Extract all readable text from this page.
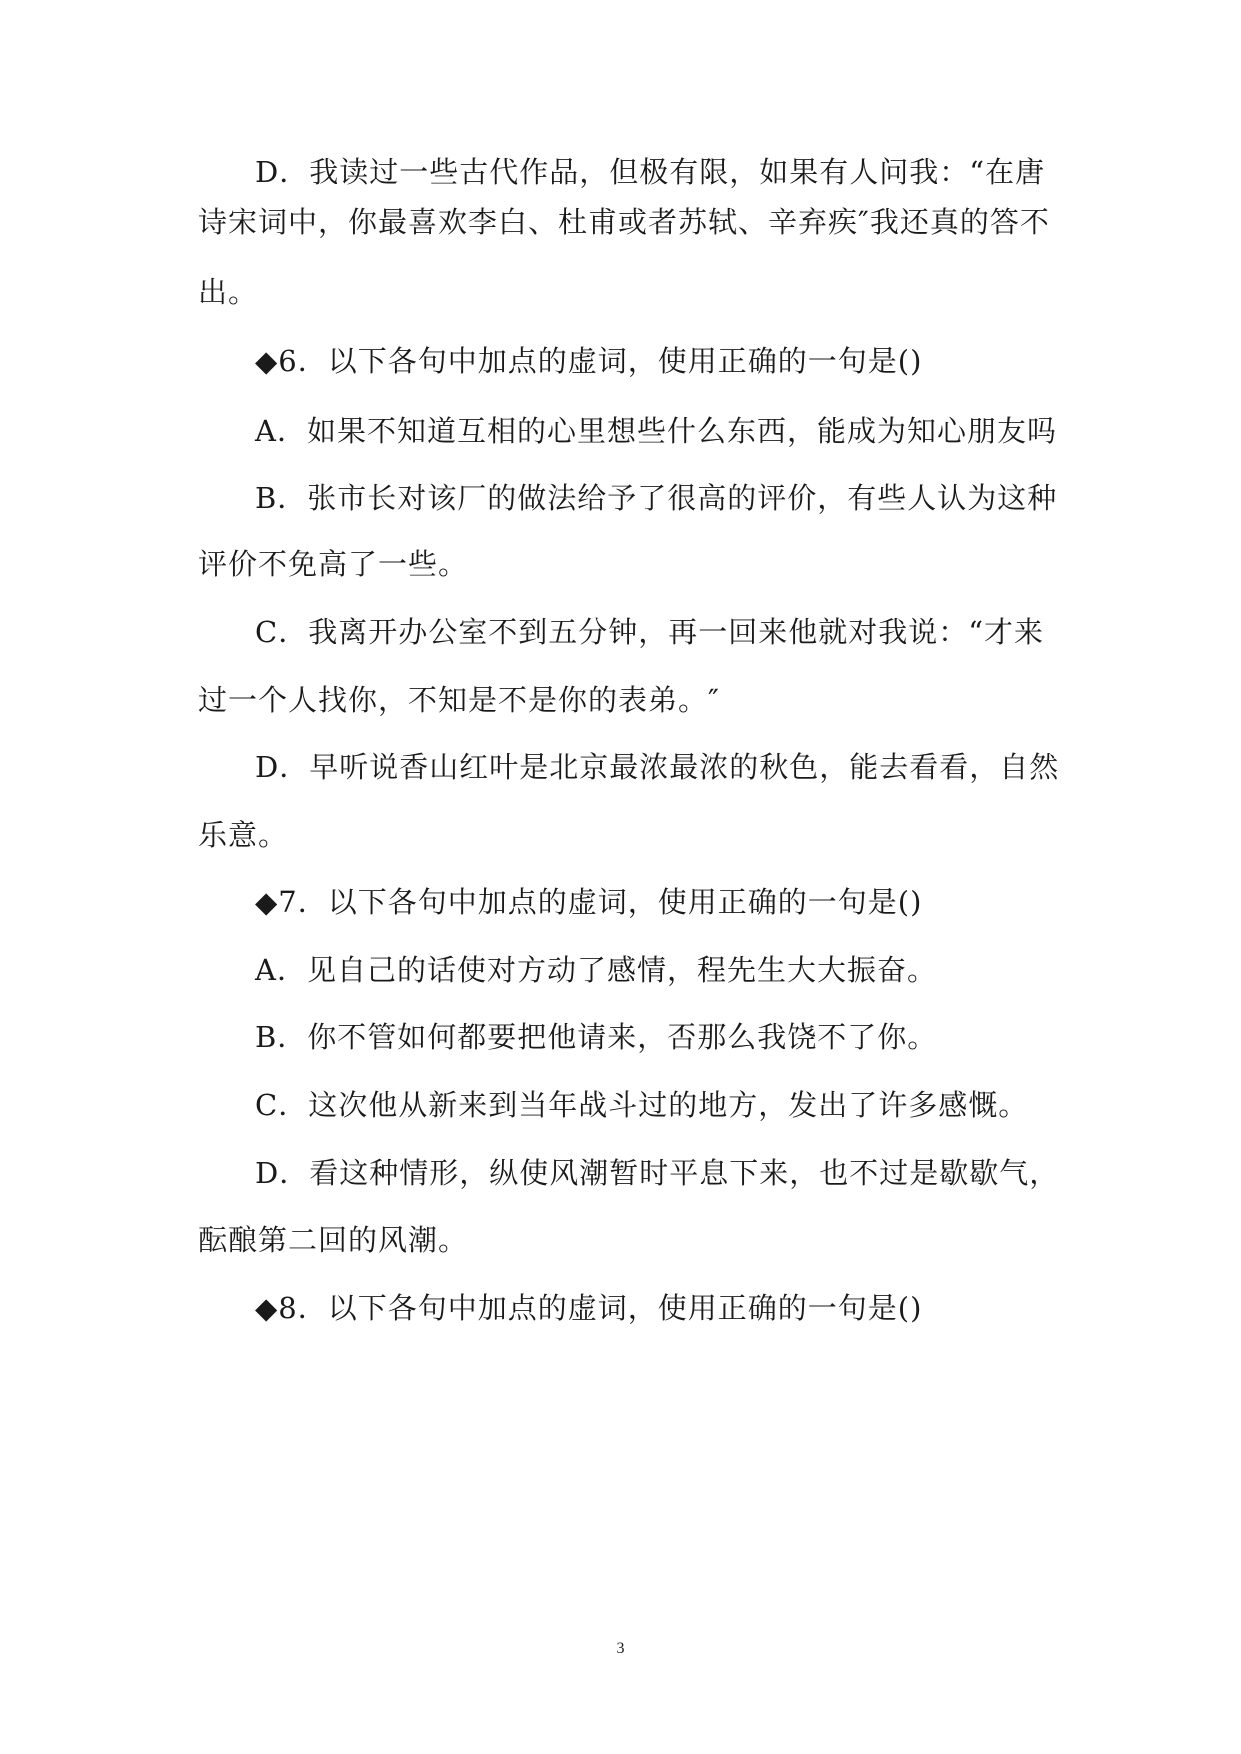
D．我读过一些古代作品，但极有限，如果有人问我：“在唐
诗宋词中，你最喜欢李白、杜甫或者苏轼、辛弃疾″我还真的答不
出。
◆6．以下各句中加点的虚词，使用正确的一句是()
A．如果不知道互相的心里想些什么东西，能成为知心朋友吗
B．张市长对该厂的做法给予了很高的评价，有些人认为这种
评价不免高了一些。
C．我离开办公室不到五分钟，再一回来他就对我说：“才来
过一个人找你，不知是不是你的表弟。″
D．早听说香山红叶是北京最浓最浓的秋色，能去看看，自然
乐意。
◆7．以下各句中加点的虚词，使用正确的一句是()
A．见自己的话使对方动了感情，程先生大大振奋。
B．你不管如何都要把他请来，否那么我饶不了你。
C．这次他从新来到当年战斗过的地方，发出了许多感慨。
D．看这种情形，纵使风潮暂时平息下来，也不过是歇歇气，
酝酿第二回的风潮。
◆8．以下各句中加点的虚词，使用正确的一句是()
3
